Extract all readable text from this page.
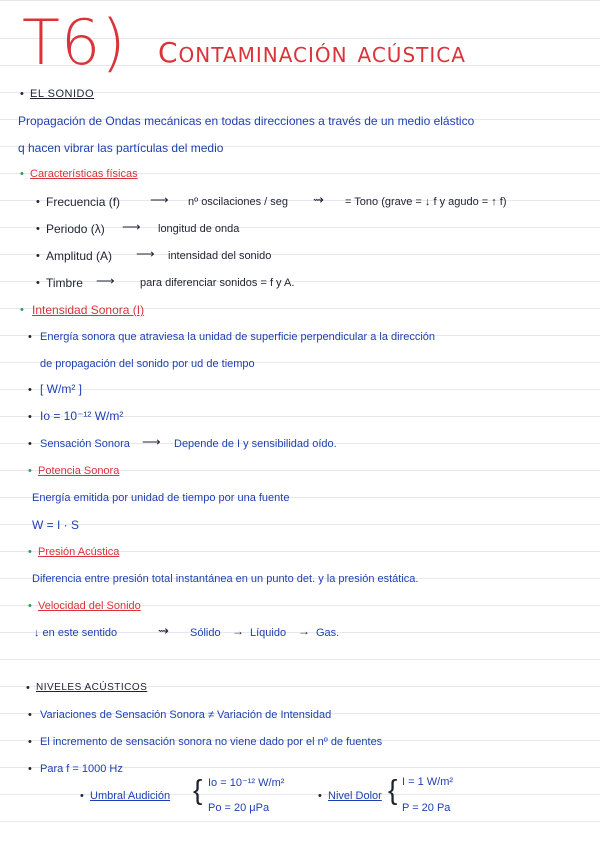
T6) Contaminación acústica
• EL SONIDO
Propagación de Ondas mecánicas en todas direcciones a través de un medio elástico
q hacen vibrar las partículas del medio
• Características físicas
• Frecuencia (f) ⟶ nº oscilaciones / seg ⇝ = Tono (grave = ↓ f y agudo = ↑ f)
• Periodo (λ) ⟶ longitud de onda
• Amplitud (A) ⟶ intensidad del sonido
• Timbre ⟶ para diferenciar sonidos = f y A.
• Intensidad Sonora (I)
• Energía sonora que atraviesa la unidad de superficie perpendicular a la dirección
de propagación del sonido por ud de tiempo
• [ W/m² ]
• Io = 10⁻¹² W/m²
• Sensación Sonora ⟶ Depende de I y sensibilidad oído.
• Potencia Sonora
Energía emitida por unidad de tiempo por una fuente
W = I · S
• Presión Acústica
Diferencia entre presión total instantánea en un punto det. y la presión estática.
• Velocidad del Sonido
↓ en este sentido	⇝ Sólido → Líquido → Gas.
• NIVELES ACÚSTICOS
• Variaciones de Sensación Sonora ≠ Variación de Intensidad
• El incremento de sensación sonora no viene dado por el nº de fuentes
• Para f = 1000 Hz
• Umbral Audición { Io = 10⁻¹² W/m²
Po = 20 μPa
• Nivel Dolor { I = 1 W/m²
P = 20 Pa
